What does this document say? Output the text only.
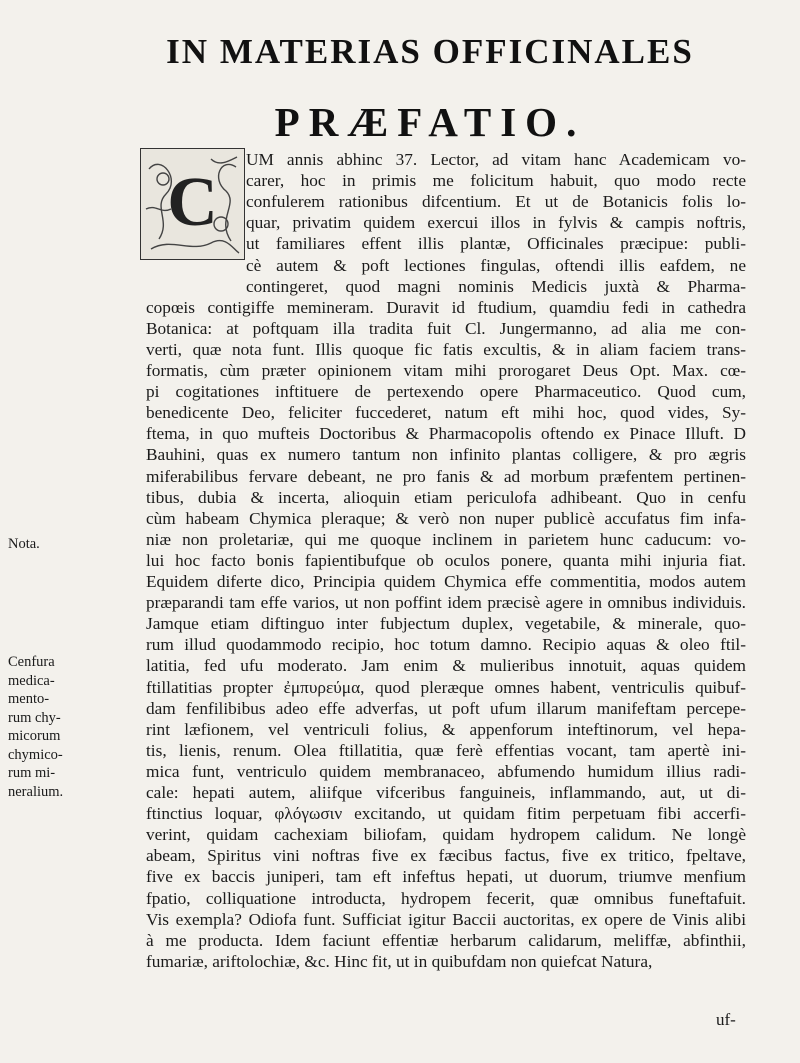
IN MATERIAS OFFICINALES
PRÆFATIO.
C
UM annis abhinc 37. Lector, ad vitam hanc Academicam vo-
carer, hoc in primis me folicitum habuit, quo modo recte
confulerem rationibus difcentium. Et ut de Botanicis folis lo-
quar, privatim quidem exercui illos in fylvis & campis noftris,
ut familiares effent illis plantæ, Officinales præcipue: publi-
cè autem & poft lectiones fingulas, oftendi illis eafdem, ne
contingeret, quod magni nominis Medicis juxtà & Pharma-
copœis contigiffe memineram. Duravit id ftudium, quamdiu fedi in cathedra
Botanica: at poftquam illa tradita fuit Cl. Jungermanno, ad alia me con-
verti, quæ nota funt. Illis quoque fic fatis excultis, & in aliam faciem trans-
formatis, cùm præter opinionem vitam mihi prorogaret Deus Opt. Max. cœ-
pi cogitationes inftituere de pertexendo opere Pharmaceutico. Quod cum,
benedicente Deo, feliciter fuccederet, natum eft mihi hoc, quod vides, Sy-
ftema, in quo mufteis Doctoribus & Pharmacopolis oftendo ex Pinace Illuft. D
Bauhini, quas ex numero tantum non infinito plantas colligere, & pro ægris
miferabilibus fervare debeant, ne pro fanis & ad morbum præfentem pertinen-
tibus, dubia & incerta, alioquin etiam periculofa adhibeant. Quo in cenfu
cùm habeam Chymica pleraque; & verò non nuper publicè accufatus fim infa-
niæ non proletariæ, qui me quoque inclinem in parietem hunc caducum: vo-
lui hoc facto bonis fapientibufque ob oculos ponere, quanta mihi injuria fiat.
Equidem diferte dico, Principia quidem Chymica effe commentitia, modos autem
præparandi tam effe varios, ut non poffint idem præcisè agere in omnibus individuis.
Jamque etiam diftinguo inter fubjectum duplex, vegetabile, & minerale, quo-
rum illud quodammodo recipio, hoc totum damno. Recipio aquas & oleo ftil-
latitia, fed ufu moderato. Jam enim & mulieribus innotuit, aquas quidem
ftillatitias propter ἐμπυρεύμα, quod pleræque omnes habent, ventriculis quibuf-
dam fenfilibibus adeo effe adverfas, ut poft ufum illarum manifeftam percepe-
rint læfionem, vel ventriculi folius, & appenforum inteftinorum, vel hepa-
tis, lienis, renum. Olea ftillatitia, quæ ferè effentias vocant, tam apertè ini-
mica funt, ventriculo quidem membranaceo, abfumendo humidum illius radi-
cale: hepati autem, aliifque vifceribus fanguineis, inflammando, aut, ut di-
ftinctius loquar, φλόγωσιν excitando, ut quidam fitim perpetuam fibi accerfi-
verint, quidam cachexiam biliofam, quidam hydropem calidum. Ne longè
abeam, Spiritus vini noftras five ex fæcibus factus, five ex tritico, fpeltave,
five ex baccis juniperi, tam eft infeftus hepati, ut duorum, triumve menfium
fpatio, colliquatione introducta, hydropem fecerit, quæ omnibus funeftafuit.
Vis exempla? Odiofa funt. Sufficiat igitur Baccii auctoritas, ex opere de Vinis alibi
à me producta. Idem faciunt effentiæ herbarum calidarum, meliffæ, abfinthii,
fumariæ, ariftolochiæ, &c. Hinc fit, ut in quibufdam non quiefcat Natura,
Nota.
Cenfura
medica-
mento-
rum chy-
micorum
chymico-
rum mi-
neralium.
uf-
